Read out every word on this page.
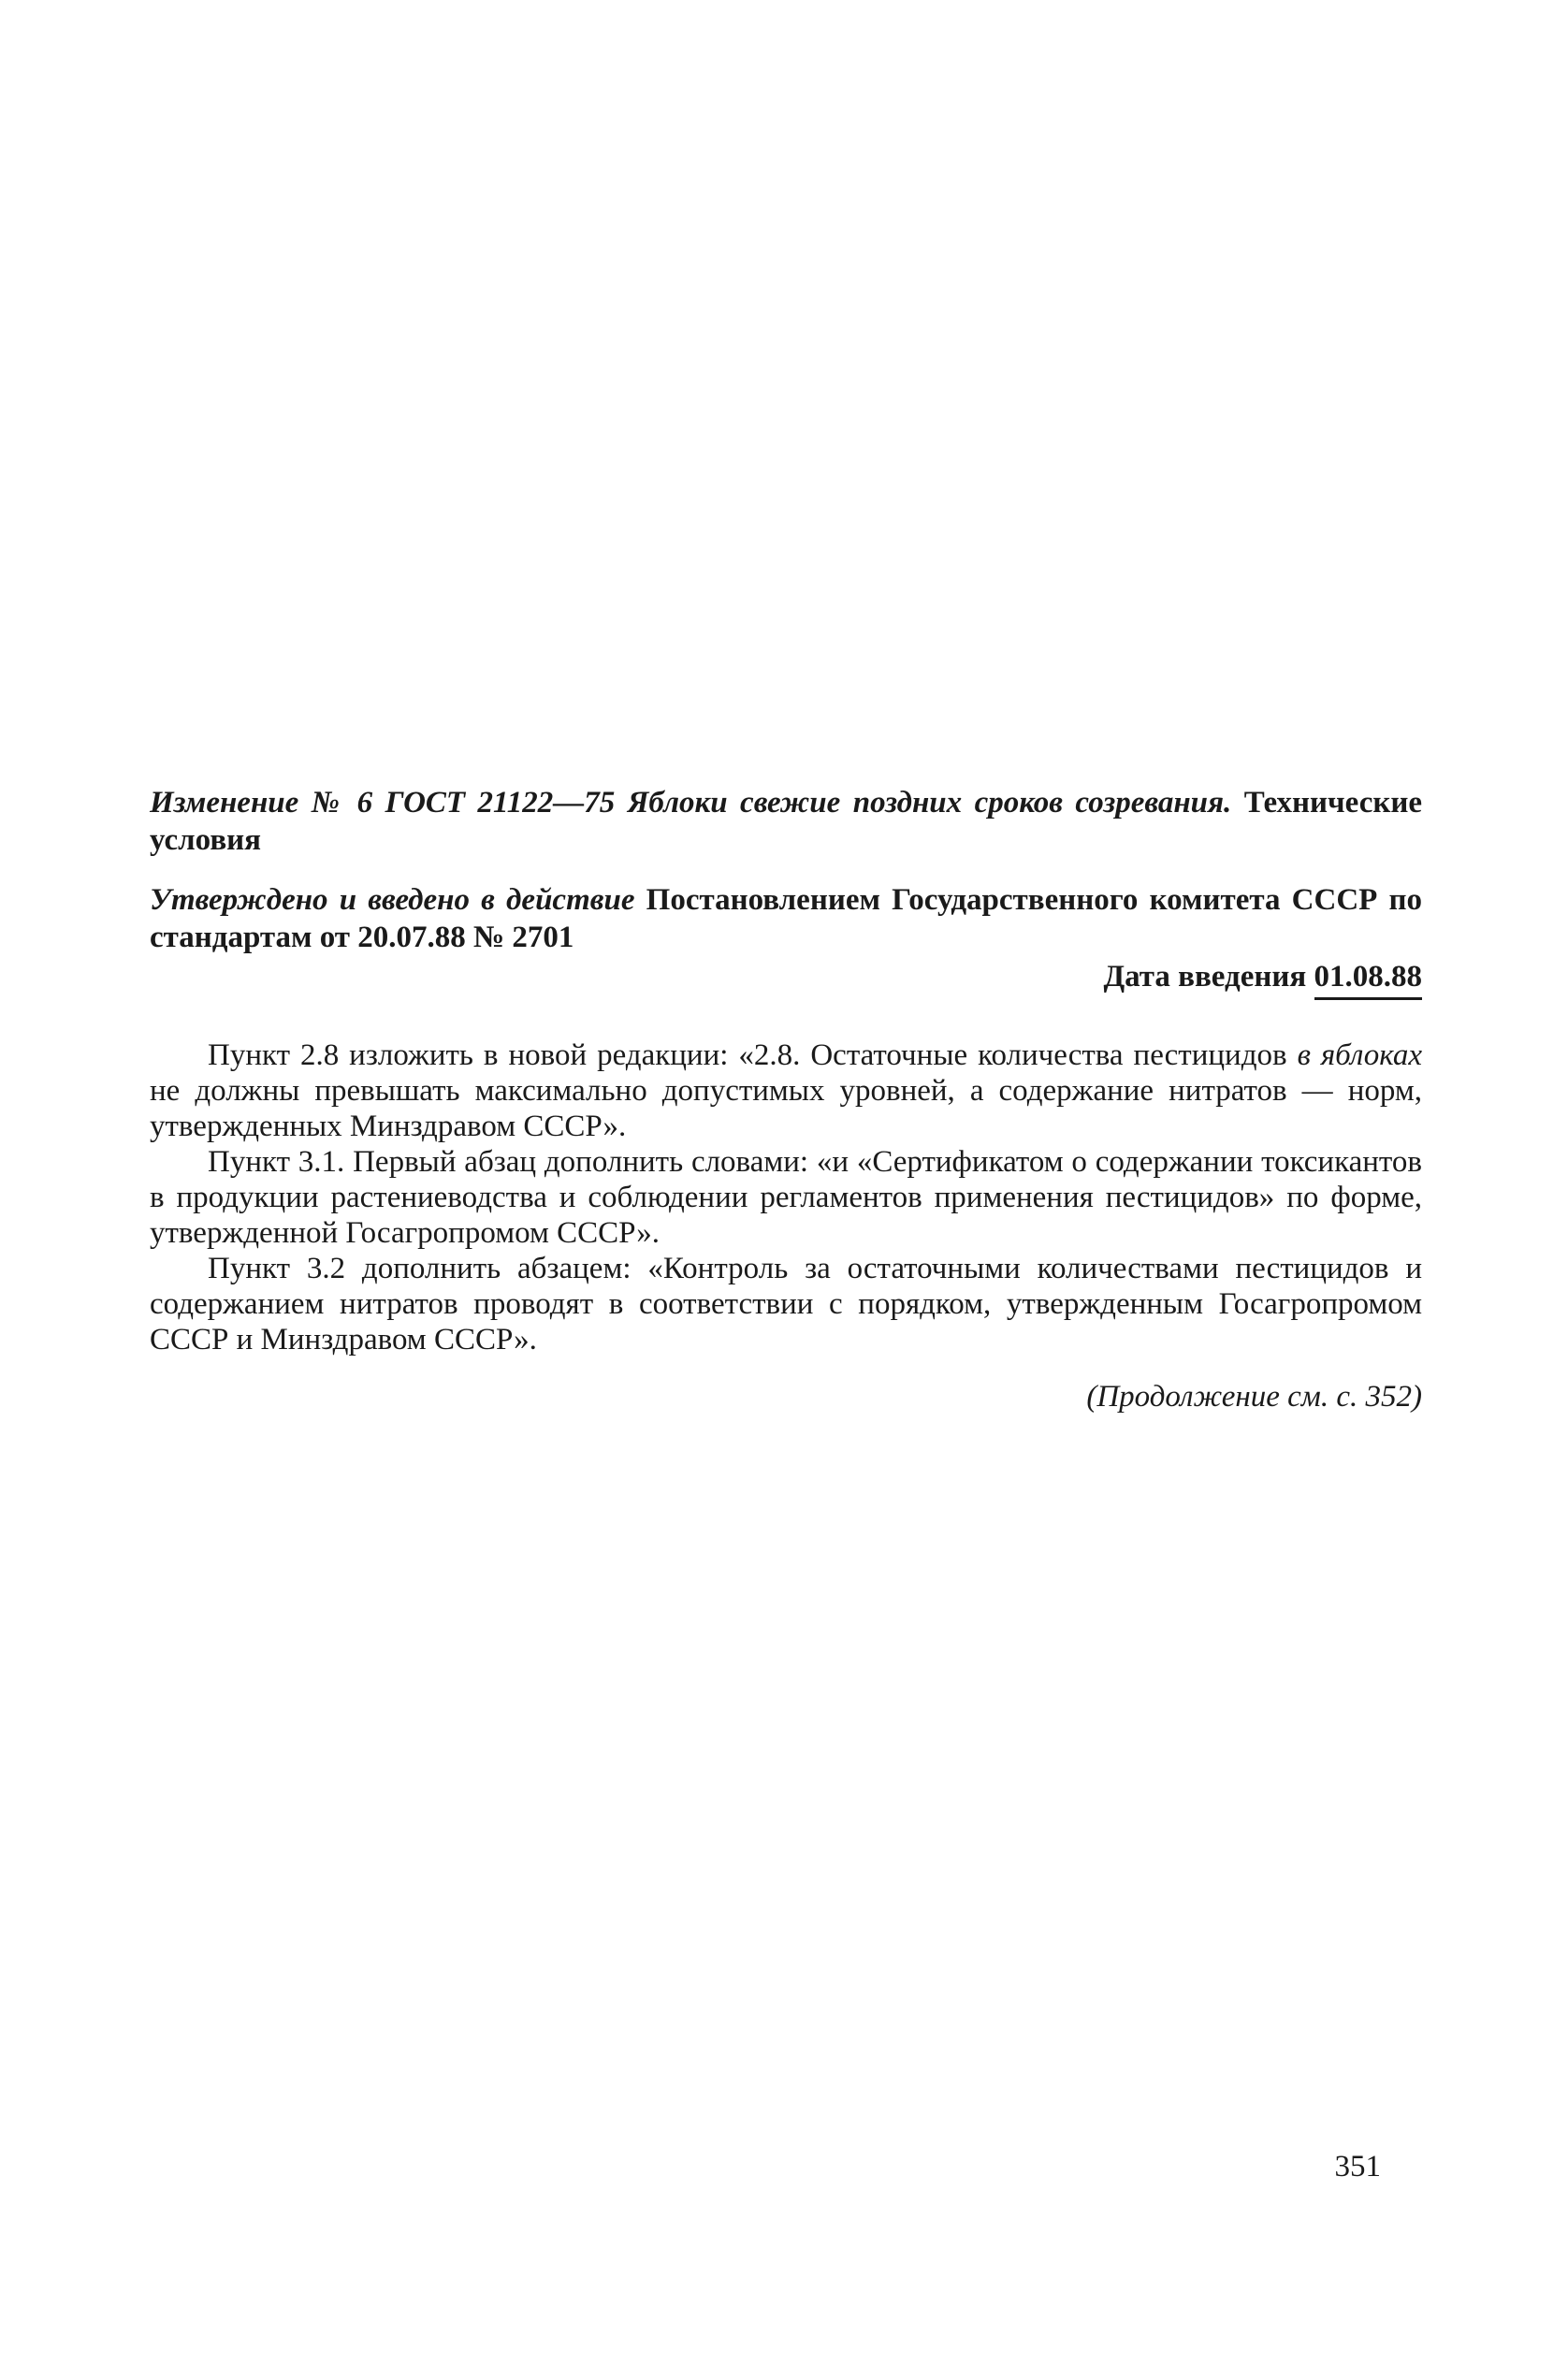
Изменение № 6 ГОСТ 21122—75 Яблоки свежие поздних сроков созревания. Технические условия

Утверждено и введено в действие Постановлением Государственного комитета СССР по стандартам от 20.07.88 № 2701
Дата введения 01.08.88

Пункт 2.8 изложить в новой редакции: «2.8. Остаточные количества пестицидов в яблоках не должны превышать максимально допустимых уровней, а содержание нитратов — норм, утвержденных Минздравом СССР».

Пункт 3.1. Первый абзац дополнить словами: «и «Сертификатом о содержании токсикантов в продукции растениеводства и соблюдении регламентов применения пестицидов» по форме, утвержденной Госагропромом СССР».

Пункт 3.2 дополнить абзацем: «Контроль за остаточными количествами пестицидов и содержанием нитратов проводят в соответствии с порядком, утвержденным Госагропромом СССР и Минздравом СССР».

(Продолжение см. с. 352)
351
